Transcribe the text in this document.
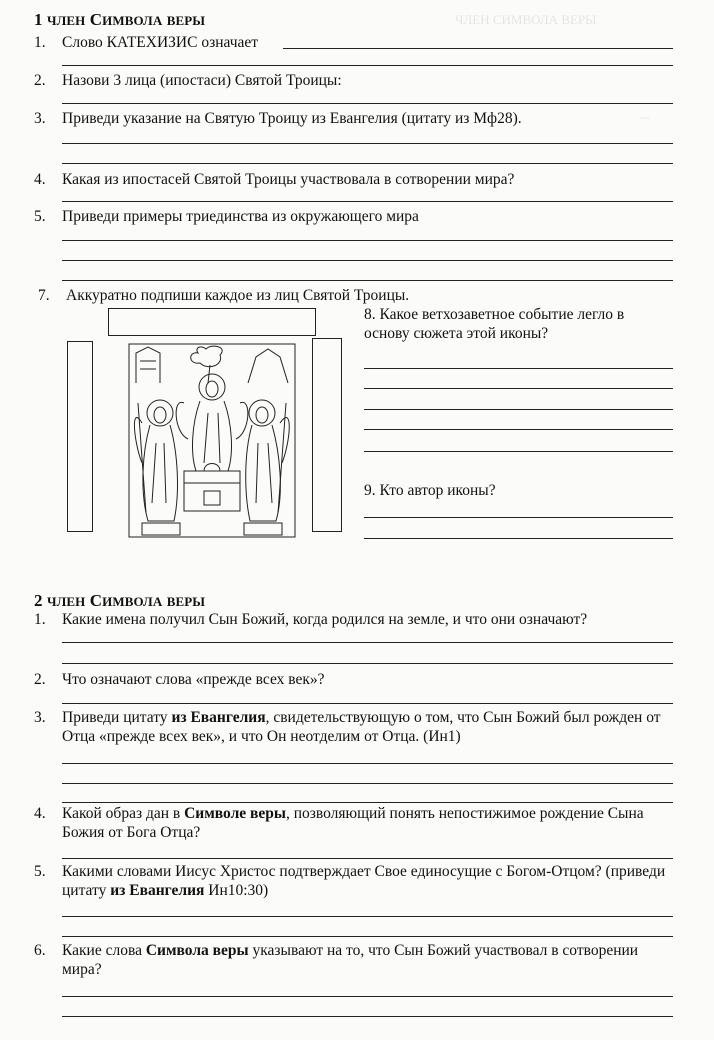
ЧЛЕН СИМВОЛА ВЕРЫ
─
1 ЧЛЕН СИМВОЛА ВЕРЫ
1.	Слово КАТЕХИЗИС означает
2.	Назови 3 лица (ипостаси) Святой Троицы:
3.	Приведи указание на Святую Троицу из Евангелия (цитату из Мф28).
4.	Какая из ипостасей Святой Троицы участвовала в сотворении мира?
5.	Приведи примеры триединства из окружающего мира
7.	Аккуратно подпиши каждое из лиц Святой Троицы.
8. Какое ветхозаветное событие легло в основу сюжета этой иконы?
9. Кто автор иконы?
2 ЧЛЕН СИМВОЛА ВЕРЫ
1.	Какие имена получил Сын Божий, когда родился на земле, и что они означают?
2.	Что означают слова «прежде всех век»?
3.	Приведи цитату из Евангелия, свидетельствующую о том, что Сын Божий был рожден от Отца «прежде всех век», и что Он неотделим от Отца. (Ин1)
4.	Какой образ дан в Символе веры, позволяющий понять непостижимое рождение Сына Божия от Бога Отца?
5.	Какими словами Иисус Христос подтверждает Свое единосущие с Богом-Отцом? (приведи цитату из Евангелия Ин10:30)
6.	Какие слова Символа веры указывают на то, что Сын Божий участвовал в сотворении мира?
